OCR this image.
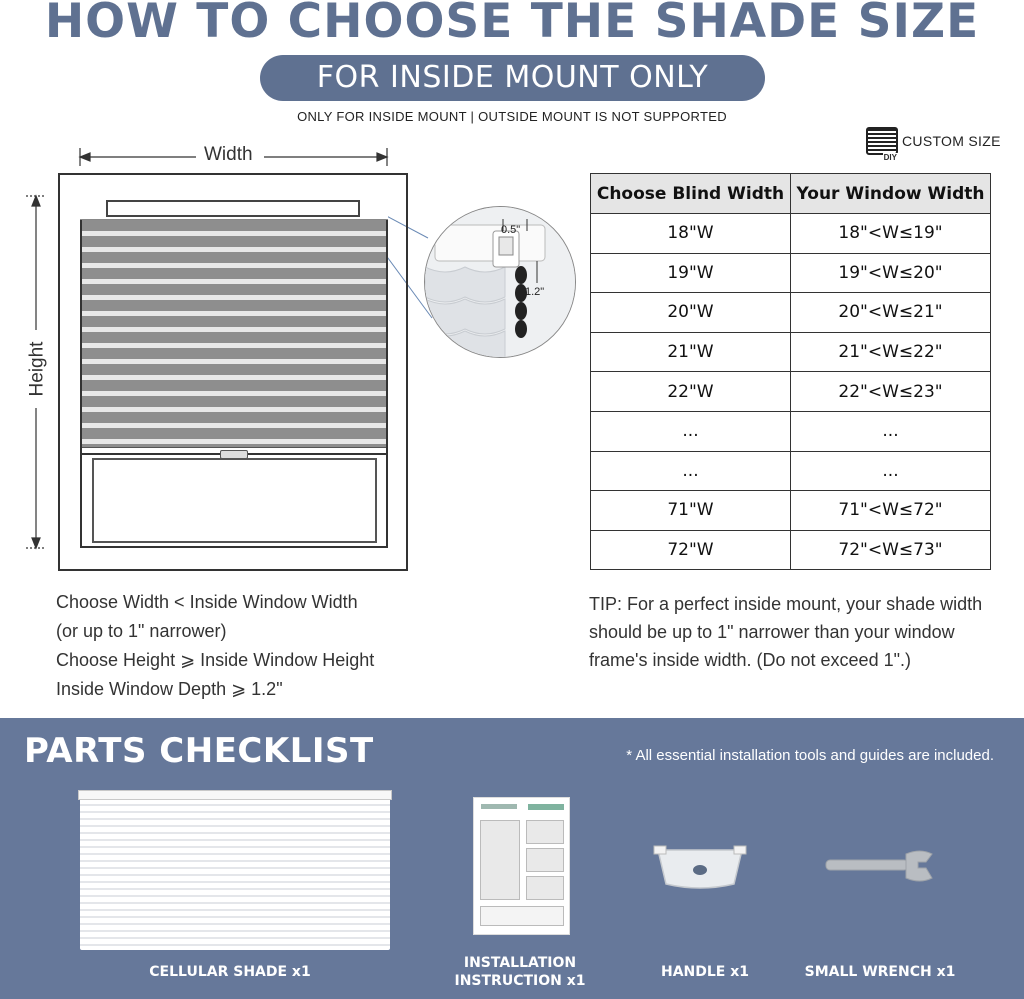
HOW TO CHOOSE THE SHADE SIZE
FOR INSIDE MOUNT ONLY
ONLY FOR INSIDE MOUNT | OUTSIDE MOUNT IS NOT SUPPORTED
DIY
CUSTOM SIZE
Width
Height
0.5"
1.2"
Choose Blind Width	Your Window Width
18"W	18"<W≤19"
19"W	19"<W≤20"
20"W	20"<W≤21"
21"W	21"<W≤22"
22"W	22"<W≤23"
...	...
...	...
71"W	71"<W≤72"
72"W	72"<W≤73"
Choose Width < Inside Window Width
(or up to 1" narrower)
Choose Height ⩾ Inside Window Height
Inside Window Depth ⩾ 1.2"
TIP: For a perfect inside mount, your shade width should be up to 1" narrower than your window frame's inside width. (Do not exceed 1".)
PARTS CHECKLIST	* All essential installation tools and guides are included.
CELLULAR SHADE x1
INSTALLATION
INSTRUCTION x1
HANDLE x1	SMALL WRENCH x1
